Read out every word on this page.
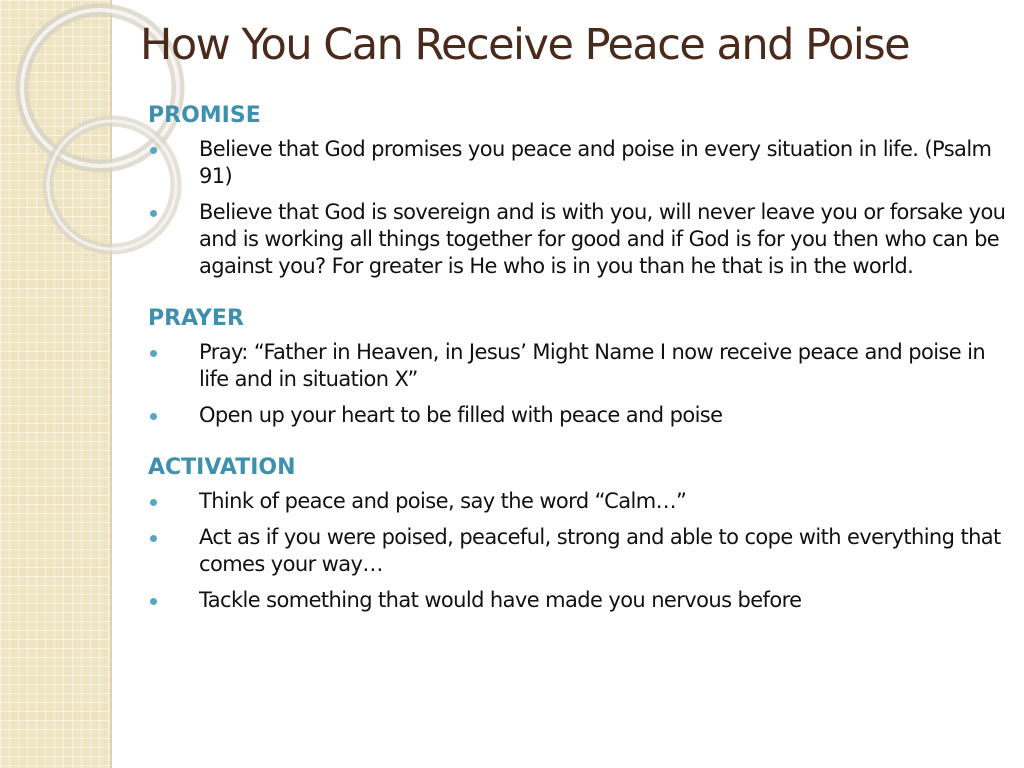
How You Can Receive Peace and Poise
PROMISE
Believe that God promises you peace and poise in every situation in life. (Psalm 91)
Believe that God is sovereign and is with you, will never leave you or forsake you and is working all things together for good and if God is for you then who can be against you? For greater is He who is in you than he that is in the world.
PRAYER
Pray: “Father in Heaven, in Jesus’ Might Name I now receive peace and poise in life and in situation X”
Open up your heart to be filled with peace and poise
ACTIVATION
Think of peace and poise, say the word “Calm…”
Act as if you were poised, peaceful, strong and able to cope with everything that comes your way…
Tackle something that would have made you nervous before
